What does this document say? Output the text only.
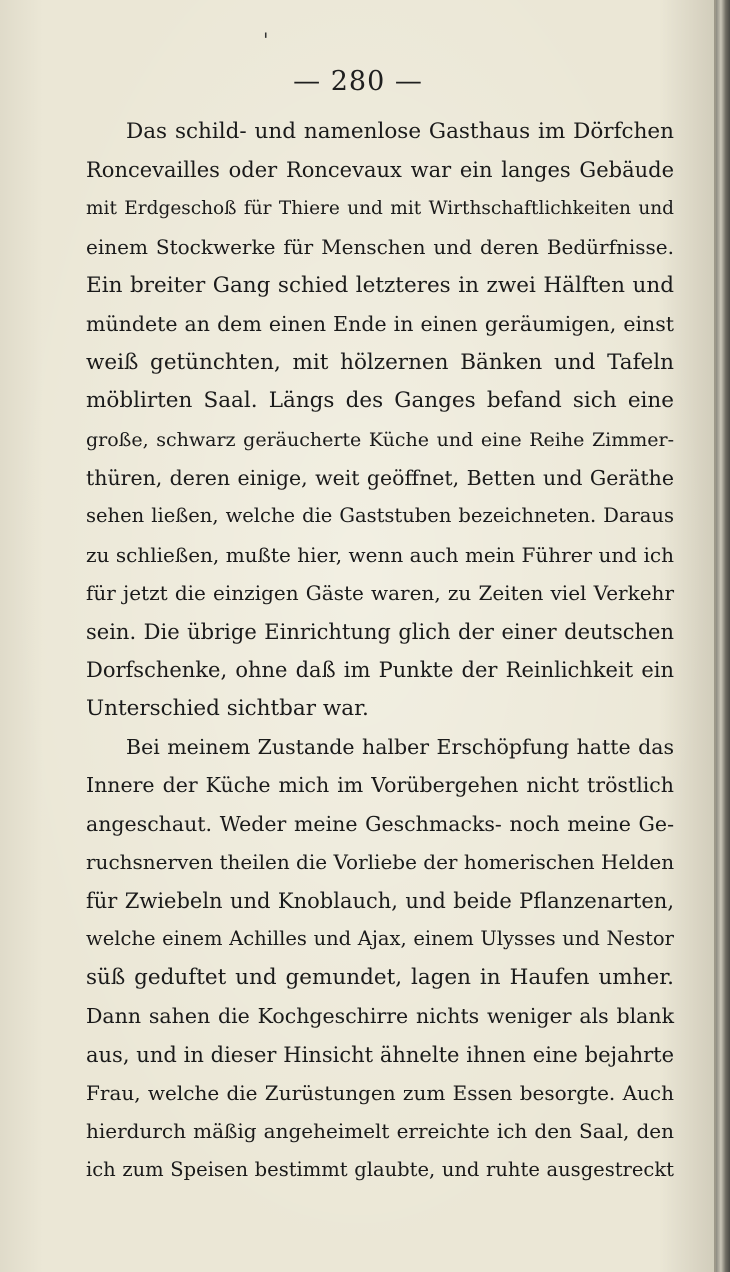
'
— 280 —
Das schild- und namenlose Gasthaus im Dörfchen
Roncevailles oder Roncevaux war ein langes Gebäude
mit Erdgeschoß für Thiere und mit Wirthschaftlichkeiten und
einem Stockwerke für Menschen und deren Bedürfnisse.
Ein breiter Gang schied letzteres in zwei Hälften und
mündete an dem einen Ende in einen geräumigen, einst
weiß getünchten, mit hölzernen Bänken und Tafeln
möblirten Saal. Längs des Ganges befand sich eine
große, schwarz geräucherte Küche und eine Reihe Zimmer-
thüren, deren einige, weit geöffnet, Betten und Geräthe
sehen ließen, welche die Gaststuben bezeichneten. Daraus
zu schließen, mußte hier, wenn auch mein Führer und ich
für jetzt die einzigen Gäste waren, zu Zeiten viel Verkehr
sein. Die übrige Einrichtung glich der einer deutschen
Dorfschenke, ohne daß im Punkte der Reinlichkeit ein
Unterschied sichtbar war.
Bei meinem Zustande halber Erschöpfung hatte das
Innere der Küche mich im Vorübergehen nicht tröstlich
angeschaut. Weder meine Geschmacks- noch meine Ge-
ruchsnerven theilen die Vorliebe der homerischen Helden
für Zwiebeln und Knoblauch, und beide Pflanzenarten,
welche einem Achilles und Ajax, einem Ulysses und Nestor
süß geduftet und gemundet, lagen in Haufen umher.
Dann sahen die Kochgeschirre nichts weniger als blank
aus, und in dieser Hinsicht ähnelte ihnen eine bejahrte
Frau, welche die Zurüstungen zum Essen besorgte. Auch
hierdurch mäßig angeheimelt erreichte ich den Saal, den
ich zum Speisen bestimmt glaubte, und ruhte ausgestreckt
